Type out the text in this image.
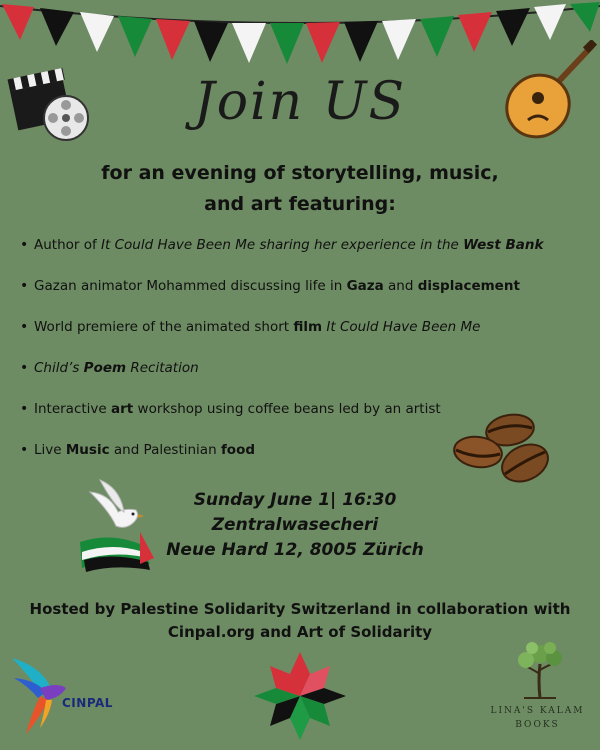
Join US
for an evening of storytelling, music,
and art featuring:
• Author of It Could Have Been Me sharing her experience in the West Bank
• Gazan animator Mohammed discussing life in Gaza and displacement
• World premiere of the animated short film It Could Have Been Me
• Child’s Poem Recitation
• Interactive art workshop using coffee beans led by an artist
• Live Music and Palestinian food
Sunday June 1| 16:30
Zentralwasecheri
Neue Hard 12, 8005 Zürich
Hosted by Palestine Solidarity Switzerland in collaboration with
Cinpal.org and Art of Solidarity
CINPAL
LINA'S KALAM
BOOKS
